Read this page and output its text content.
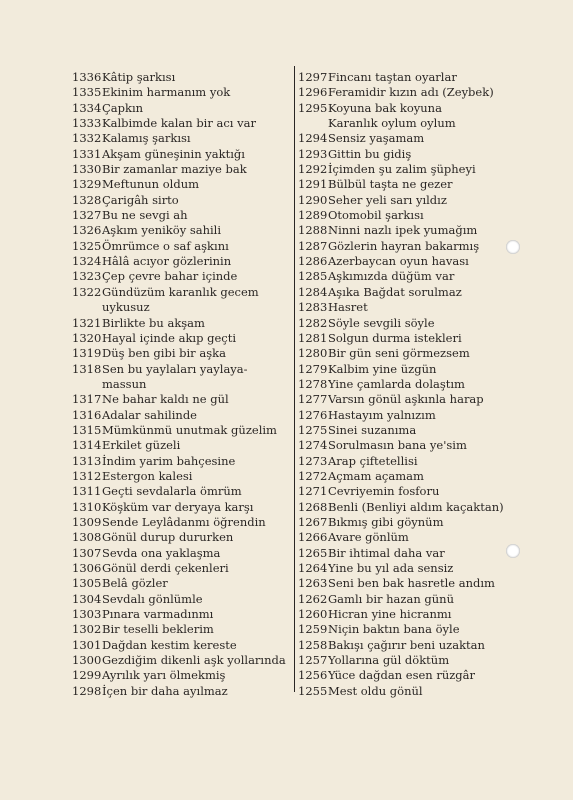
1336 Kâtip şarkısı
1335 Ekinim harmanım yok
1334 Çapkın
1333 Kalbimde kalan bir acı var
1332 Kalamış şarkısı
1331 Akşam güneşinin yaktığı
1330 Bir zamanlar maziye bak
1329 Meftunun oldum
1328 Çarigâh sirto
1327 Bu ne sevgi ah
1326 Aşkım yeniköy sahili
1325 Ömrümce o saf aşkını
1324 Hâlâ acıyor gözlerinin
1323 Çep çevre bahar içinde
1322 Gündüzüm karanlık gecem
uykusuz
1321 Birlikte bu akşam
1320 Hayal içinde akıp geçti
1319 Düş ben gibi bir aşka
1318 Sen bu yaylaları yaylaya-
massun
1317 Ne bahar kaldı ne gül
1316 Adalar sahilinde
1315 Mümkünmü unutmak güzelim
1314 Erkilet güzeli
1313 İndim yarim bahçesine
1312 Estergon kalesi
1311 Geçti sevdalarla ömrüm
1310 Köşküm var deryaya karşı
1309 Sende Leylâdanmı öğrendin
1308 Gönül durup dururken
1307 Sevda ona yaklaşma
1306 Gönül derdi çekenleri
1305 Belâ gözler
1304 Sevdalı gönlümle
1303 Pınara varmadınmı
1302 Bir teselli beklerim
1301 Dağdan kestim kereste
1300 Gezdiğim dikenli aşk yollarında
1299 Ayrılık yarı ölmekmiş
1298 İçen bir daha ayılmaz
1297 Fincanı taştan oyarlar
1296 Feramidir kızın adı (Zeybek)
1295 Koyuna bak koyuna
Karanlık oylum oylum
1294 Sensiz yaşamam
1293 Gittin bu gidiş
1292 İçimden şu zalim şüpheyi
1291 Bülbül taşta ne gezer
1290 Seher yeli sarı yıldız
1289 Otomobil şarkısı
1288 Ninni nazlı ipek yumağım
1287 Gözlerin hayran bakarmış
1286 Azerbaycan oyun havası
1285 Aşkımızda düğüm var
1284 Aşıka Bağdat sorulmaz
1283 Hasret
1282 Söyle sevgili söyle
1281 Solgun durma istekleri
1280 Bir gün seni görmezsem
1279 Kalbim yine üzgün
1278 Yine çamlarda dolaştım
1277 Varsın gönül aşkınla harap
1276 Hastayım yalnızım
1275 Sinei suzanıma
1274 Sorulmasın bana ye'sim
1273 Arap çiftetellisi
1272 Açmam açamam
1271 Cevriyemin fosforu
1268 Benli (Benliyi aldım kaçaktan)
1267 Bıkmış gibi göynüm
1266 Avare gönlüm
1265 Bir ihtimal daha var
1264 Yine bu yıl ada sensiz
1263 Seni ben bak hasretle andım
1262 Gamlı bir hazan günü
1260 Hicran yine hicranmı
1259 Niçin baktın bana öyle
1258 Bakışı çağırır beni uzaktan
1257 Yollarına gül döktüm
1256 Yüce dağdan esen rüzgâr
1255 Mest oldu gönül
